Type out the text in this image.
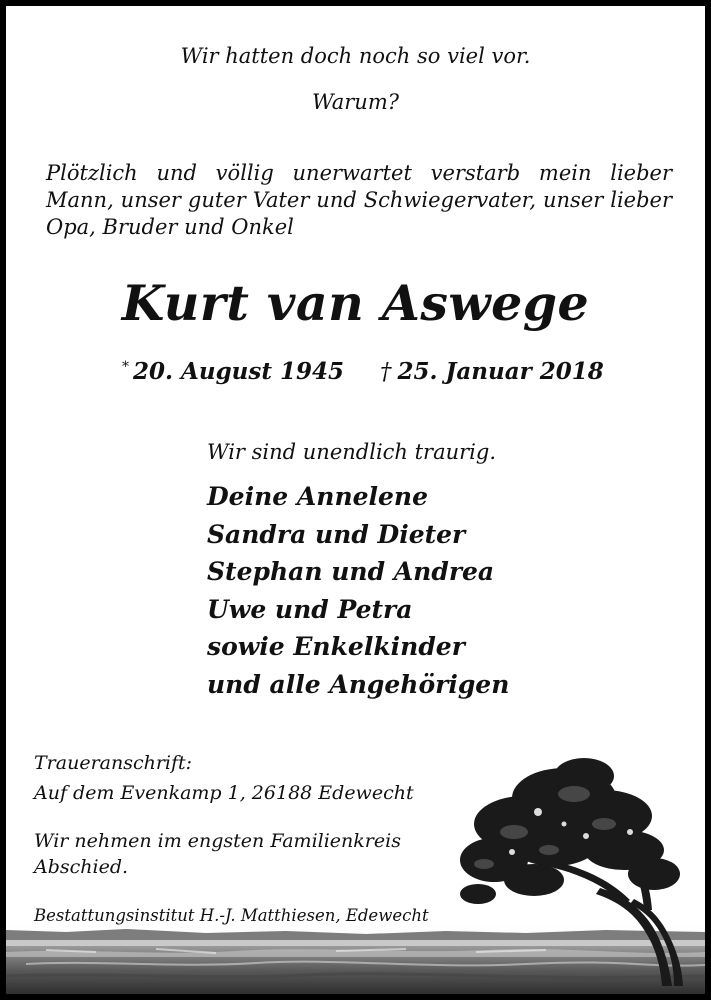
Wir hatten doch noch so viel vor.
Warum?
Plötzlich und völlig unerwartet verstarb mein lieber Mann, unser guter Vater und Schwiegervater, unser lieber Opa, Bruder und Onkel
Kurt van Aswege
* 20. August 1945 † 25. Januar 2018
Wir sind unendlich traurig.
Deine Annelene
Sandra und Dieter
Stephan und Andrea
Uwe und Petra
sowie Enkelkinder
und alle Angehörigen
Traueranschrift:
Auf dem Evenkamp 1, 26188 Edewecht
Wir nehmen im engsten Familienkreis
Abschied.
Bestattungsinstitut H.-J. Matthiesen, Edewecht
